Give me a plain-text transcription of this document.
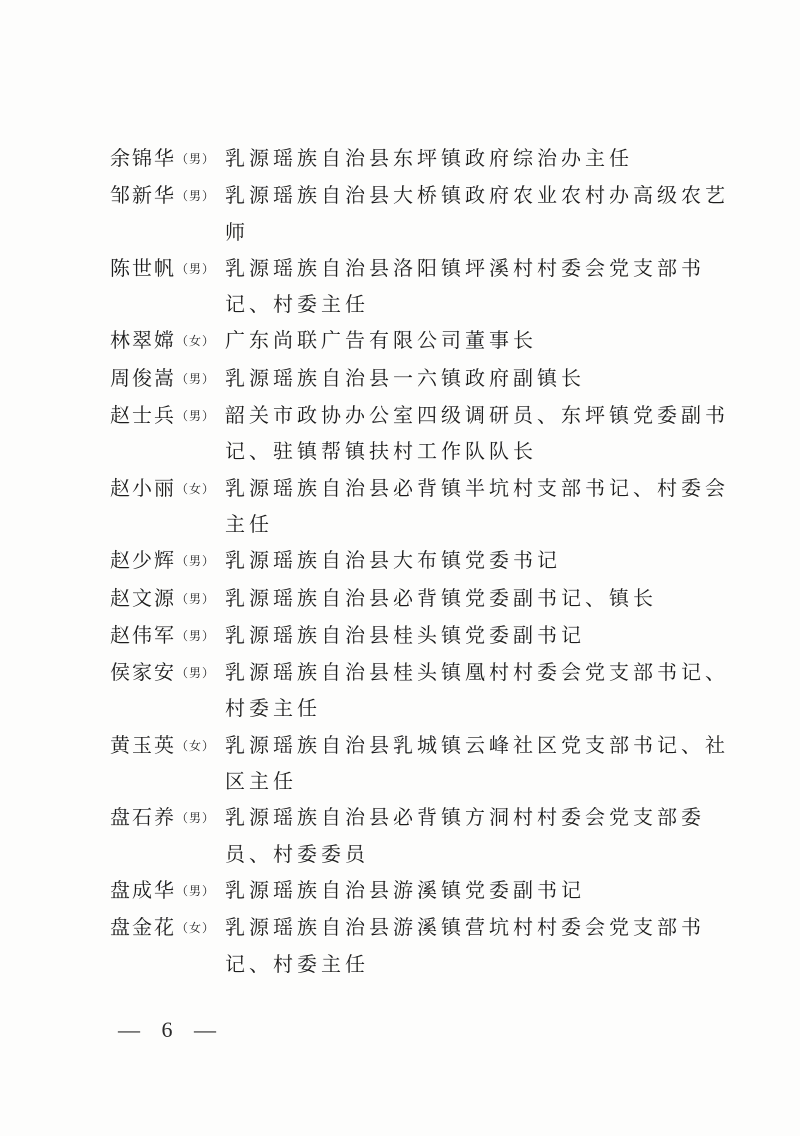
余锦华（男） 乳源瑶族自治县东坪镇政府综治办主任
邹新华（男） 乳源瑶族自治县大桥镇政府农业农村办高级农艺师
陈世帆（男） 乳源瑶族自治县洛阳镇坪溪村村委会党支部书记、村委主任
林翠嫦（女） 广东尚联广告有限公司董事长
周俊嵩（男） 乳源瑶族自治县一六镇政府副镇长
赵士兵（男） 韶关市政协办公室四级调研员、东坪镇党委副书记、驻镇帮镇扶村工作队队长
赵小丽（女） 乳源瑶族自治县必背镇半坑村支部书记、村委会主任
赵少辉（男） 乳源瑶族自治县大布镇党委书记
赵文源（男） 乳源瑶族自治县必背镇党委副书记、镇长
赵伟军（男） 乳源瑶族自治县桂头镇党委副书记
侯家安（男） 乳源瑶族自治县桂头镇凰村村委会党支部书记、村委主任
黄玉英（女） 乳源瑶族自治县乳城镇云峰社区党支部书记、社区主任
盘石养（男） 乳源瑶族自治县必背镇方洞村村委会党支部委员、村委委员
盘成华（男） 乳源瑶族自治县游溪镇党委副书记
盘金花（女） 乳源瑶族自治县游溪镇营坑村村委会党支部书记、村委主任
— 6 —
